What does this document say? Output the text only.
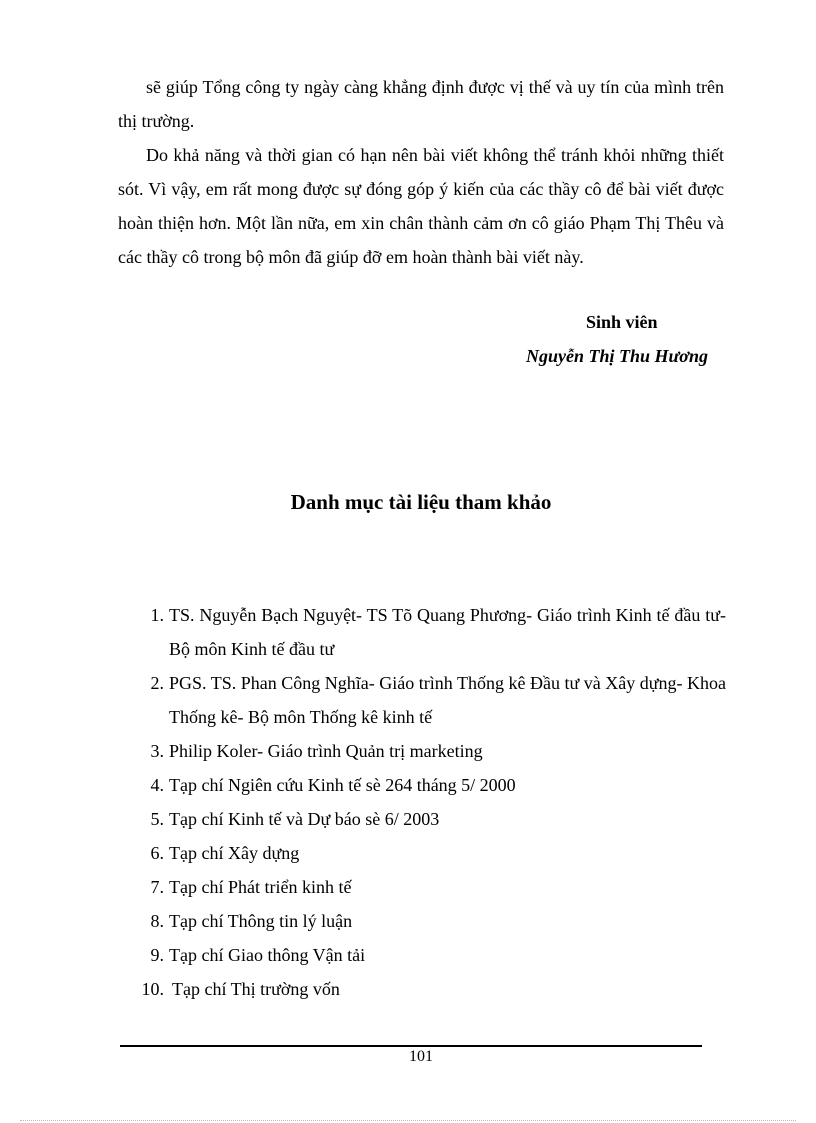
sẽ giúp Tổng công ty ngày càng khẳng định được vị thế và uy tín của mình trên thị trường.

Do khả năng và thời gian có hạn nên bài viết không thể tránh khỏi những thiết sót. Vì vậy, em rất mong được sự đóng góp ý kiến của các thầy cô để bài viết được hoàn thiện hơn. Một lần nữa, em xin chân thành cảm ơn cô giáo Phạm Thị Thêu và các thầy cô trong bộ môn đã giúp đỡ em hoàn thành bài viết này.

Sinh viên

Nguyễn Thị Thu Hương

Danh mục tài liệu tham khảo
1. TS. Nguyễn Bạch Nguyệt- TS Tõ Quang Phương- Giáo trình Kinh tế đầu tư- Bộ môn Kinh tế đầu tư
2. PGS. TS. Phan Công Nghĩa- Giáo trình Thống kê Đầu tư và Xây dựng- Khoa Thống kê- Bộ môn Thống kê kinh tế
3. Philip Koler- Giáo trình Quản trị marketing
4. Tạp chí Ngiên cứu Kinh tế sè 264 tháng 5/ 2000
5. Tạp chí Kinh tế và Dự báo sè 6/ 2003
6. Tạp chí Xây dựng
7. Tạp chí Phát triển kinh tế
8. Tạp chí Thông tin lý luận
9. Tạp chí Giao thông Vận tải
10. Tạp chí Thị trường vốn

101
